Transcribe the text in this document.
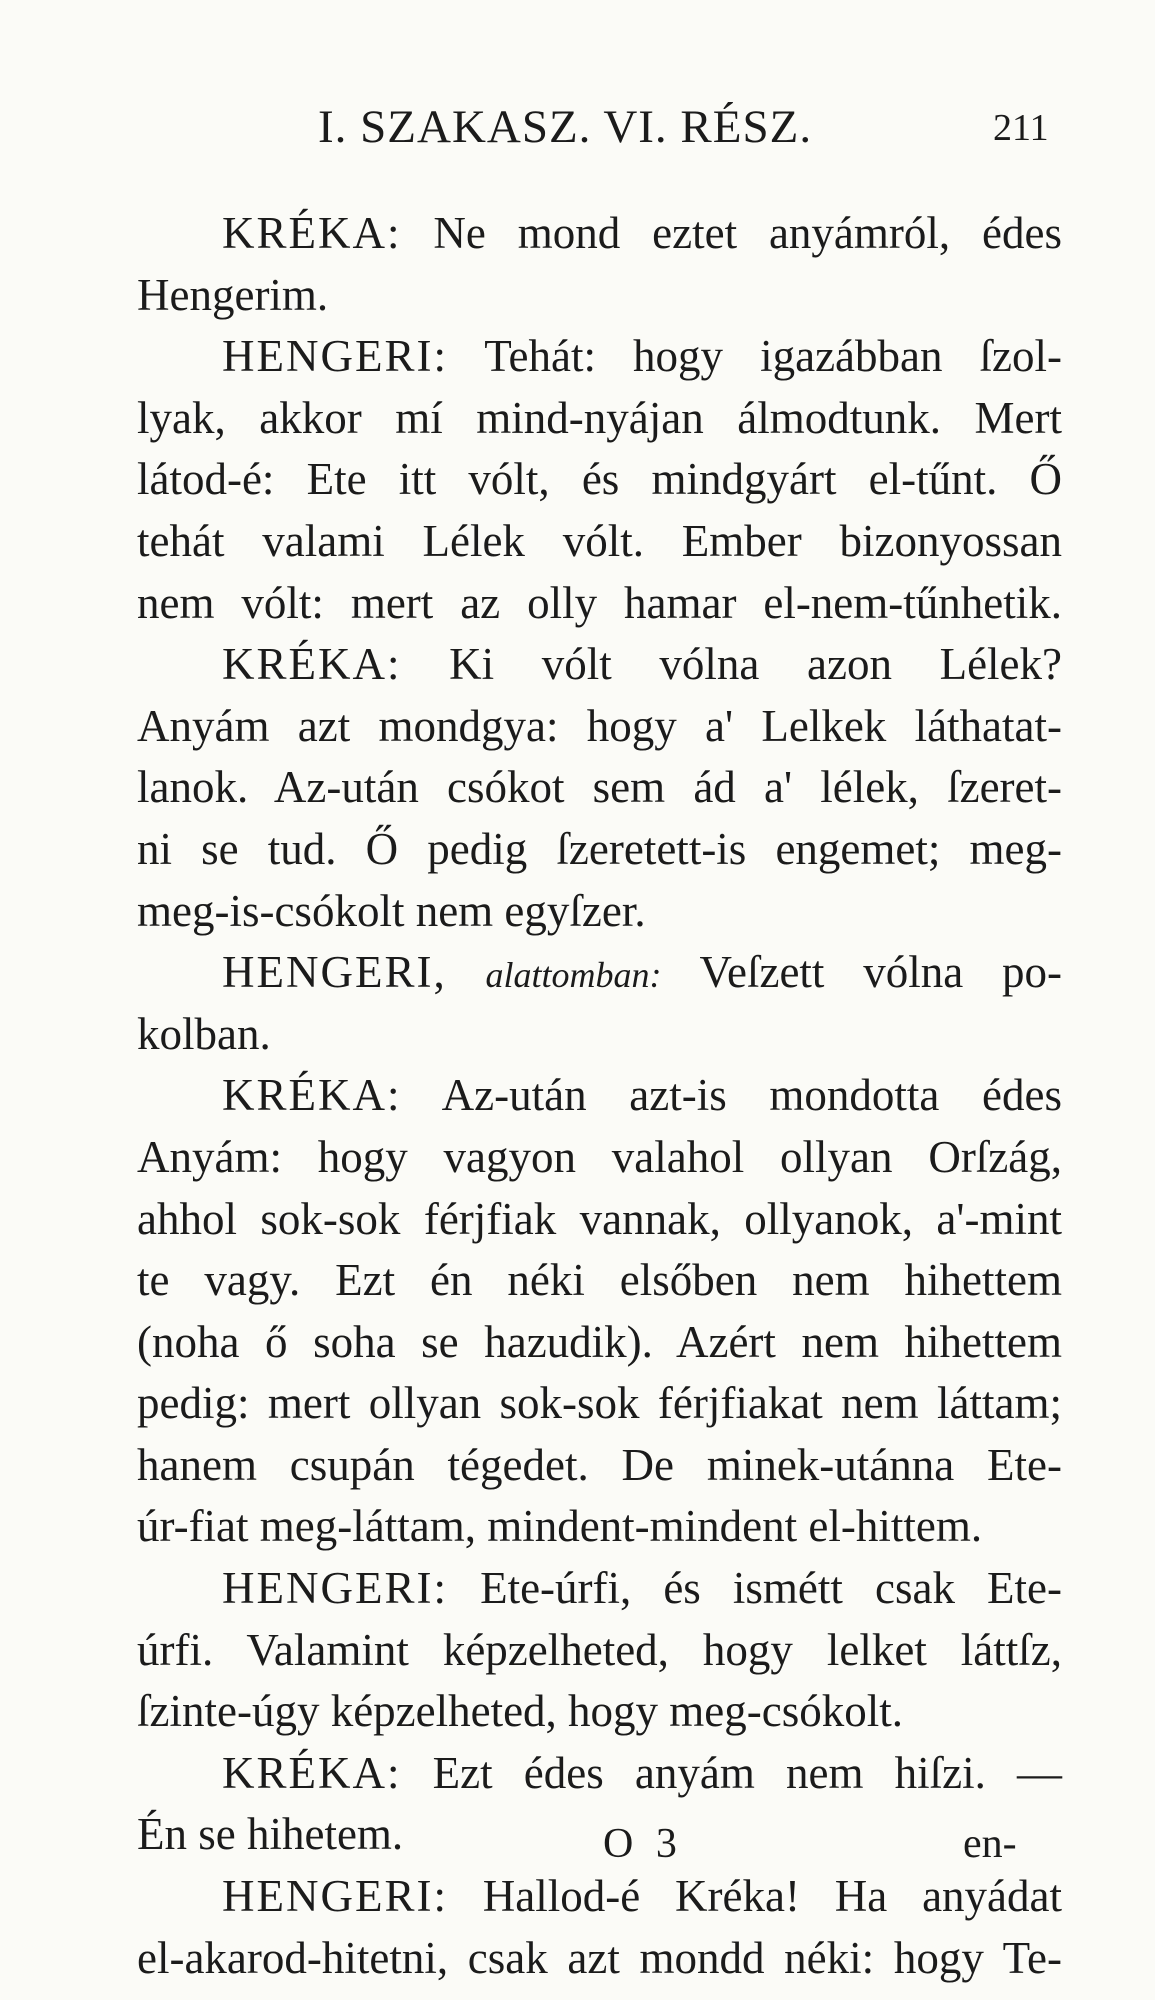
I. SZAKASZ. VI. RÉSZ.	211
KRÉKA: Ne mond eztet anyámról, édes
Hengerim.
HENGERI: Tehát: hogy igazábban ſzol-
lyak, akkor mí mind-nyájan álmodtunk. Mert
látod-é: Ete itt vólt, és mindgyárt el-tűnt. Ő
tehát valami Lélek vólt. Ember bizonyossan
nem vólt: mert az olly hamar el-nem-tűnhetik.
KRÉKA: Ki vólt vólna azon Lélek?
Anyám azt mondgya: hogy a' Lelkek láthatat-
lanok. Az-után csókot sem ád a' lélek, ſzeret-
ni se tud. Ő pedig ſzeretett-is engemet; meg-
meg-is-csókolt nem egyſzer.
HENGERI, alattomban: Veſzett vólna po-
kolban.
KRÉKA: Az-után azt-is mondotta édes
Anyám: hogy vagyon valahol ollyan Orſzág,
ahhol sok-sok férjfiak vannak, ollyanok, a'-mint
te vagy. Ezt én néki elsőben nem hihettem
(noha ő soha se hazudik). Azért nem hihettem
pedig: mert ollyan sok-sok férjfiakat nem láttam;
hanem csupán tégedet. De minek-utánna Ete-
úr-fiat meg-láttam, mindent-mindent el-hittem.
HENGERI: Ete-úrfi, és ismétt csak Ete-
úrfi. Valamint képzelheted, hogy lelket láttſz,
ſzinte-úgy képzelheted, hogy meg-csókolt.
KRÉKA: Ezt édes anyám nem hiſzi. —
Én se hihetem.
HENGERI: Hallod-é Kréka! Ha anyádat
el-akarod-hitetni, csak azt mondd néki: hogy Te-
O 3	en-
